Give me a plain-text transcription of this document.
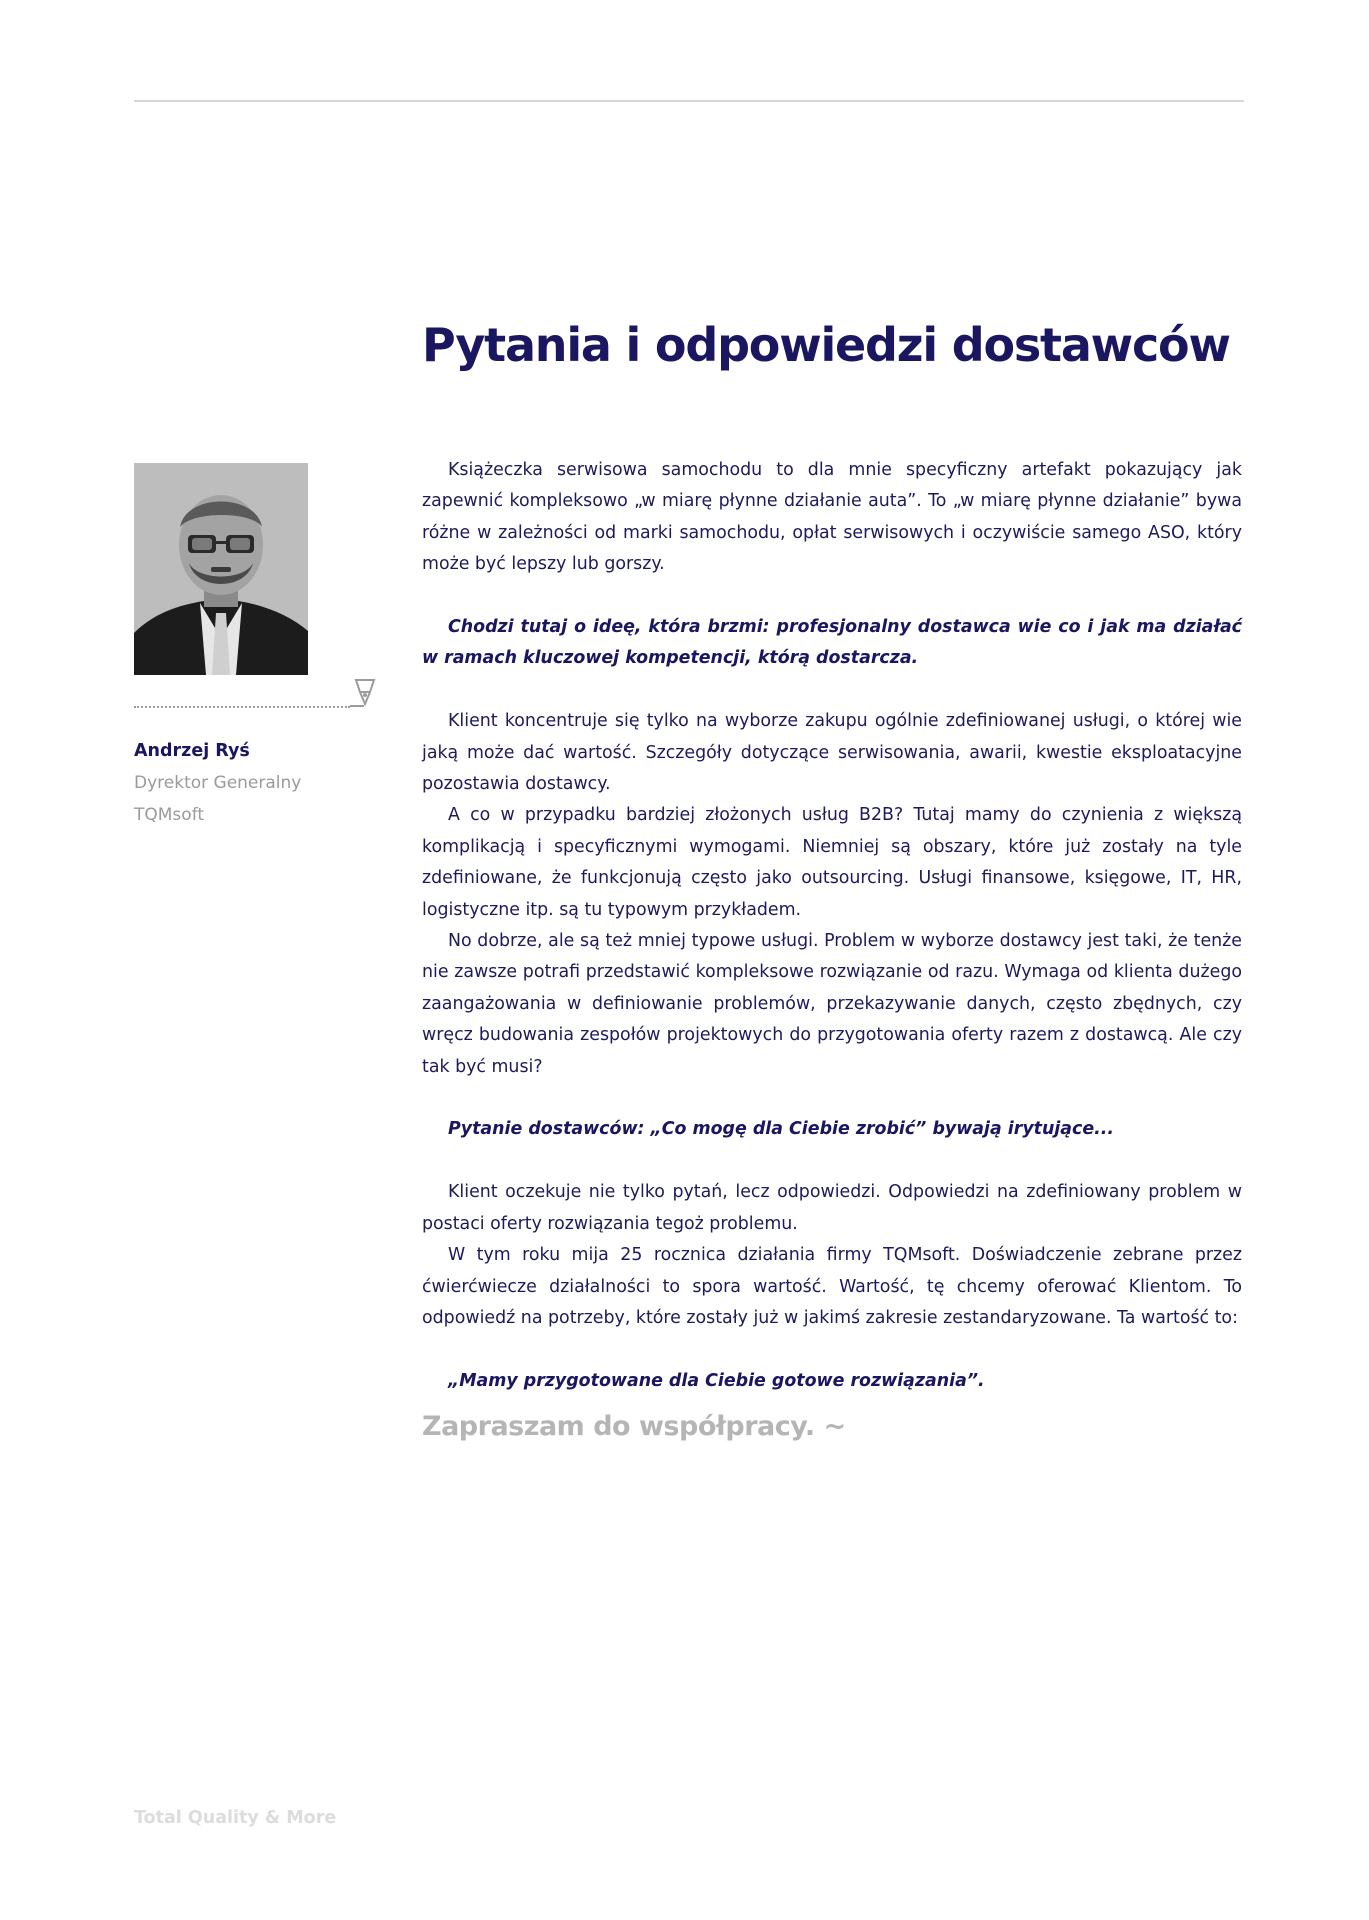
Pytania i odpowiedzi dostawców
Andrzej Ryś
Dyrektor Generalny
TQMsoft

Książeczka serwisowa samochodu to dla mnie specyficzny artefakt pokazujący jak zapewnić kompleksowo „w miarę płynne działanie auta”. To „w miarę płynne działanie” bywa różne w zależności od marki samochodu, opłat serwisowych i oczywiście samego ASO, który może być lepszy lub gorszy.

Chodzi tutaj o ideę, która brzmi: profesjonalny dostawca wie co i jak ma działać w ramach kluczowej kompetencji, którą dostarcza.

Klient koncentruje się tylko na wyborze zakupu ogólnie zdefiniowanej usługi, o której wie jaką może dać wartość. Szczegóły dotyczące serwisowania, awarii, kwestie eksploatacyjne pozostawia dostawcy.

A co w przypadku bardziej złożonych usług B2B? Tutaj mamy do czynienia z większą komplikacją i specyficznymi wymogami. Niemniej są obszary, które już zostały na tyle zdefiniowane, że funkcjonują często jako outsourcing. Usługi finansowe, księgowe, IT, HR, logistyczne itp. są tu typowym przykładem.

No dobrze, ale są też mniej typowe usługi. Problem w wyborze dostawcy jest taki, że tenże nie zawsze potrafi przedstawić kompleksowe rozwiązanie od razu. Wymaga od klienta dużego zaangażowania w definiowanie problemów, przekazywanie danych, często zbędnych, czy wręcz budowania zespołów projektowych do przygotowania oferty razem z dostawcą. Ale czy tak być musi?

Pytanie dostawców: „Co mogę dla Ciebie zrobić” bywają irytujące...

Klient oczekuje nie tylko pytań, lecz odpowiedzi. Odpowiedzi na zdefiniowany problem w postaci oferty rozwiązania tegoż problemu.

W tym roku mija 25 rocznica działania firmy TQMsoft. Doświadczenie zebrane przez ćwierćwiecze działalności to spora wartość. Wartość, tę chcemy oferować Klientom. To odpowiedź na potrzeby, które zostały już w jakimś zakresie zestandaryzowane. Ta wartość to:

„Mamy przygotowane dla Ciebie gotowe rozwiązania”.

Zapraszam do współpracy. ~
Total Quality & More
